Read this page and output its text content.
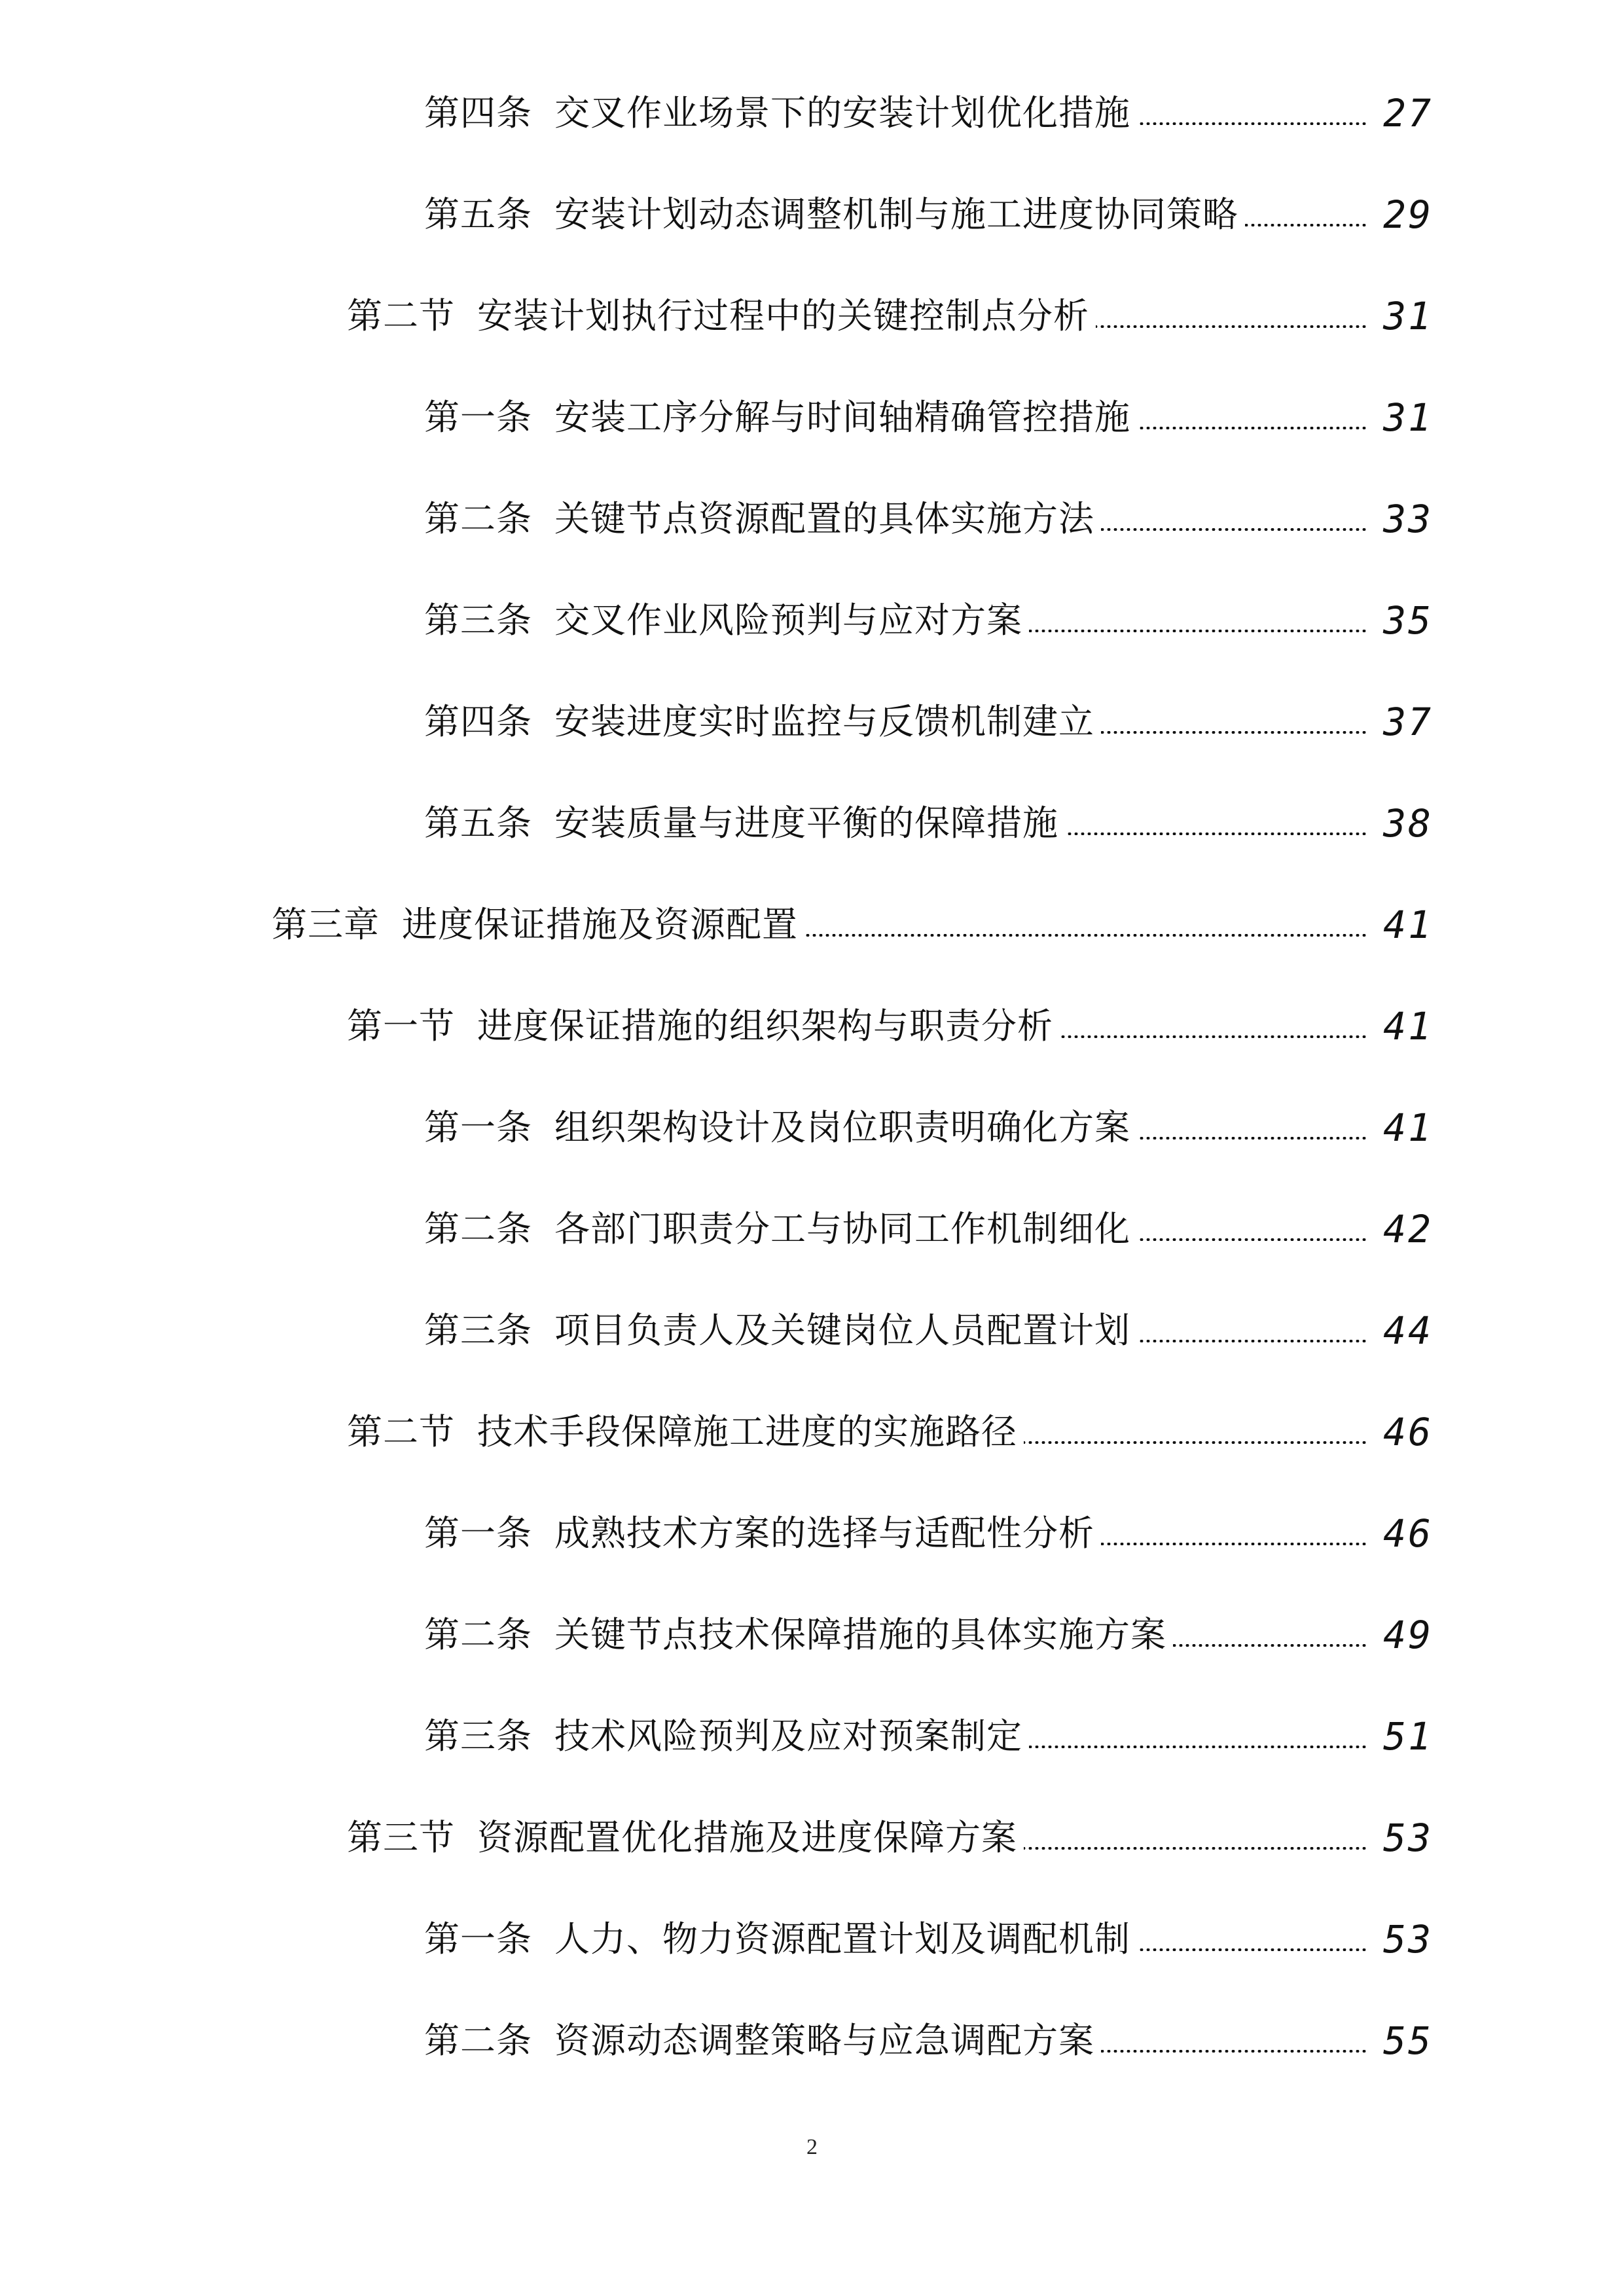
第四条 交叉作业场景下的安装计划优化措施	27
第五条 安装计划动态调整机制与施工进度协同策略	29
第二节 安装计划执行过程中的关键控制点分析	31
第一条 安装工序分解与时间轴精确管控措施	31
第二条 关键节点资源配置的具体实施方法	33
第三条 交叉作业风险预判与应对方案	35
第四条 安装进度实时监控与反馈机制建立	37
第五条 安装质量与进度平衡的保障措施	38
第三章 进度保证措施及资源配置	41
第一节 进度保证措施的组织架构与职责分析	41
第一条 组织架构设计及岗位职责明确化方案	41
第二条 各部门职责分工与协同工作机制细化	42
第三条 项目负责人及关键岗位人员配置计划	44
第二节 技术手段保障施工进度的实施路径	46
第一条 成熟技术方案的选择与适配性分析	46
第二条 关键节点技术保障措施的具体实施方案	49
第三条 技术风险预判及应对预案制定	51
第三节 资源配置优化措施及进度保障方案	53
第一条 人力、物力资源配置计划及调配机制	53
第二条 资源动态调整策略与应急调配方案	55
2
